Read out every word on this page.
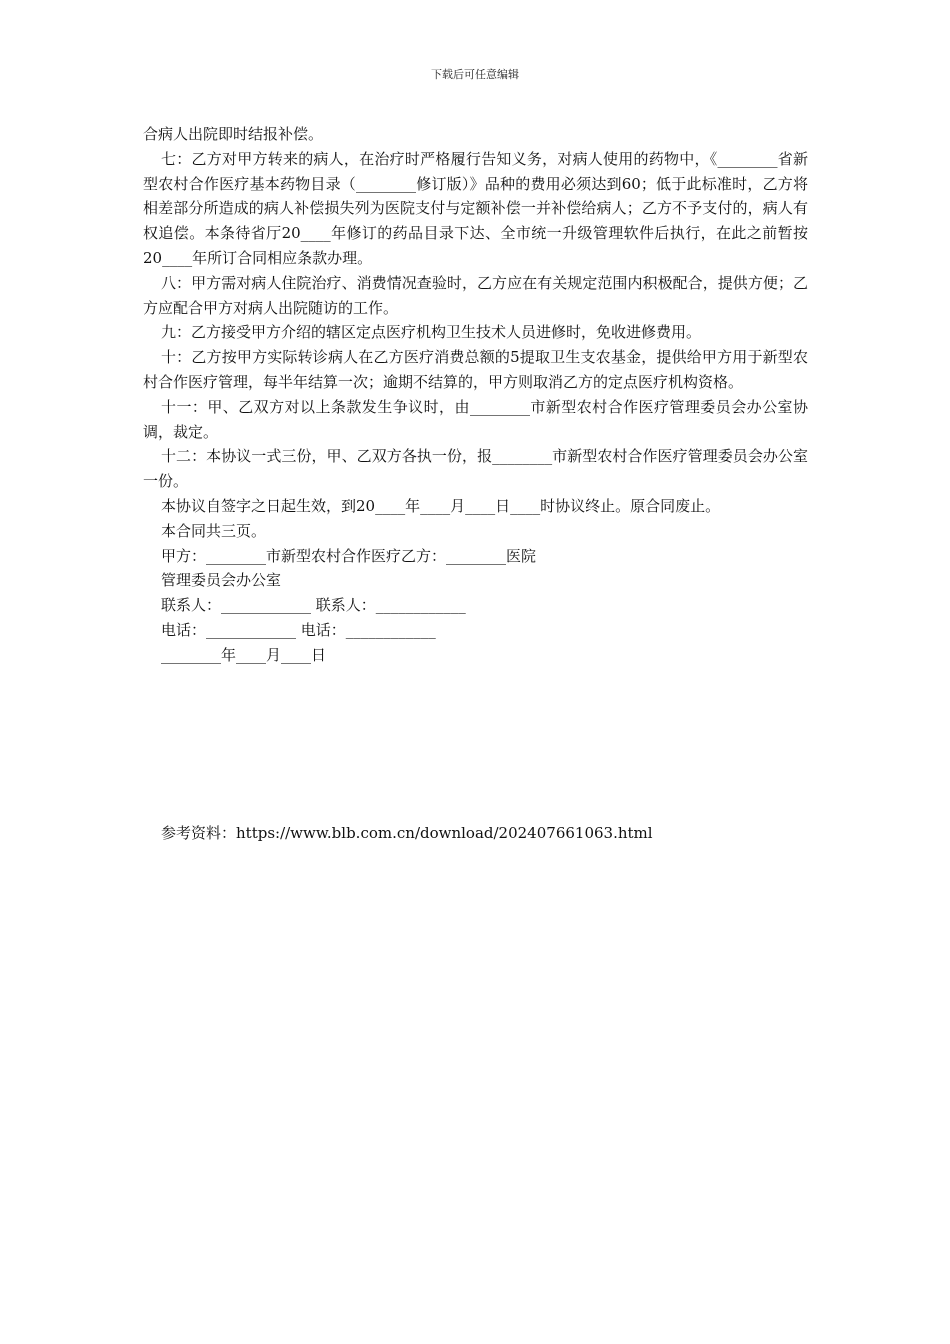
下载后可任意编辑

合病人出院即时结报补偿。

七：乙方对甲方转来的病人，在治疗时严格履行告知义务，对病人使用的药物中，《________省新型农村合作医疗基本药物目录（________修订版）》品种的费用必须达到60；低于此标准时，乙方将相差部分所造成的病人补偿损失列为医院支付与定额补偿一并补偿给病人；乙方不予支付的，病人有权追偿。本条待省厅20____年修订的药品目录下达、全市统一升级管理软件后执行，在此之前暂按20____年所订合同相应条款办理。

八：甲方需对病人住院治疗、消费情况查验时，乙方应在有关规定范围内积极配合，提供方便；乙方应配合甲方对病人出院随访的工作。

九：乙方接受甲方介绍的辖区定点医疗机构卫生技术人员进修时，免收进修费用。

十：乙方按甲方实际转诊病人在乙方医疗消费总额的5提取卫生支农基金，提供给甲方用于新型农村合作医疗管理，每半年结算一次；逾期不结算的，甲方则取消乙方的定点医疗机构资格。

十一：甲、乙双方对以上条款发生争议时，由________市新型农村合作医疗管理委员会办公室协调，裁定。

十二：本协议一式三份，甲、乙双方各执一份，报________市新型农村合作医疗管理委员会办公室一份。

本协议自签字之日起生效，到20____年____月____日____时协议终止。原合同废止。

本合同共三页。

甲方：________市新型农村合作医疗乙方：________医院

管理委员会办公室

联系人：____________ 联系人：____________

电话：____________ 电话：____________

________年____月____日

参考资料：https://www.blb.com.cn/download/202407661063.html
